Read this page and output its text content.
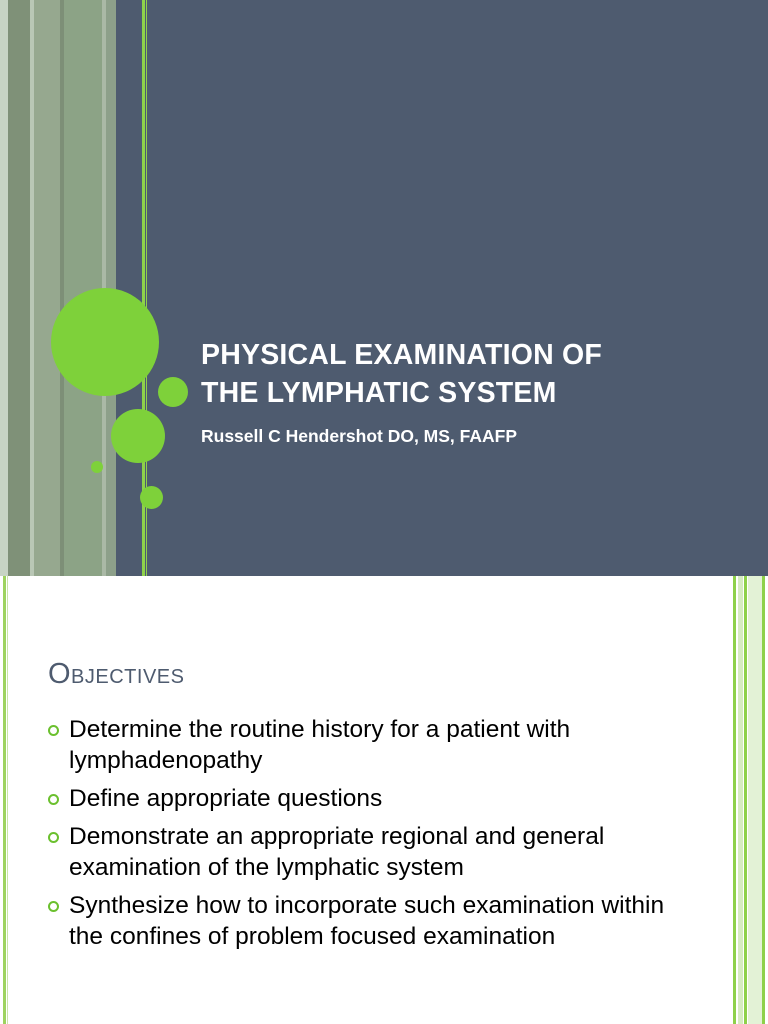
PHYSICAL EXAMINATION OF
THE LYMPHATIC SYSTEM
Russell C Hendershot DO, MS, FAAFP
Objectives
Determine the routine history for a patient with lymphadenopathy
Define appropriate questions
Demonstrate an appropriate regional and general examination of the lymphatic system
Synthesize how to incorporate such examination within the confines of problem focused examination
